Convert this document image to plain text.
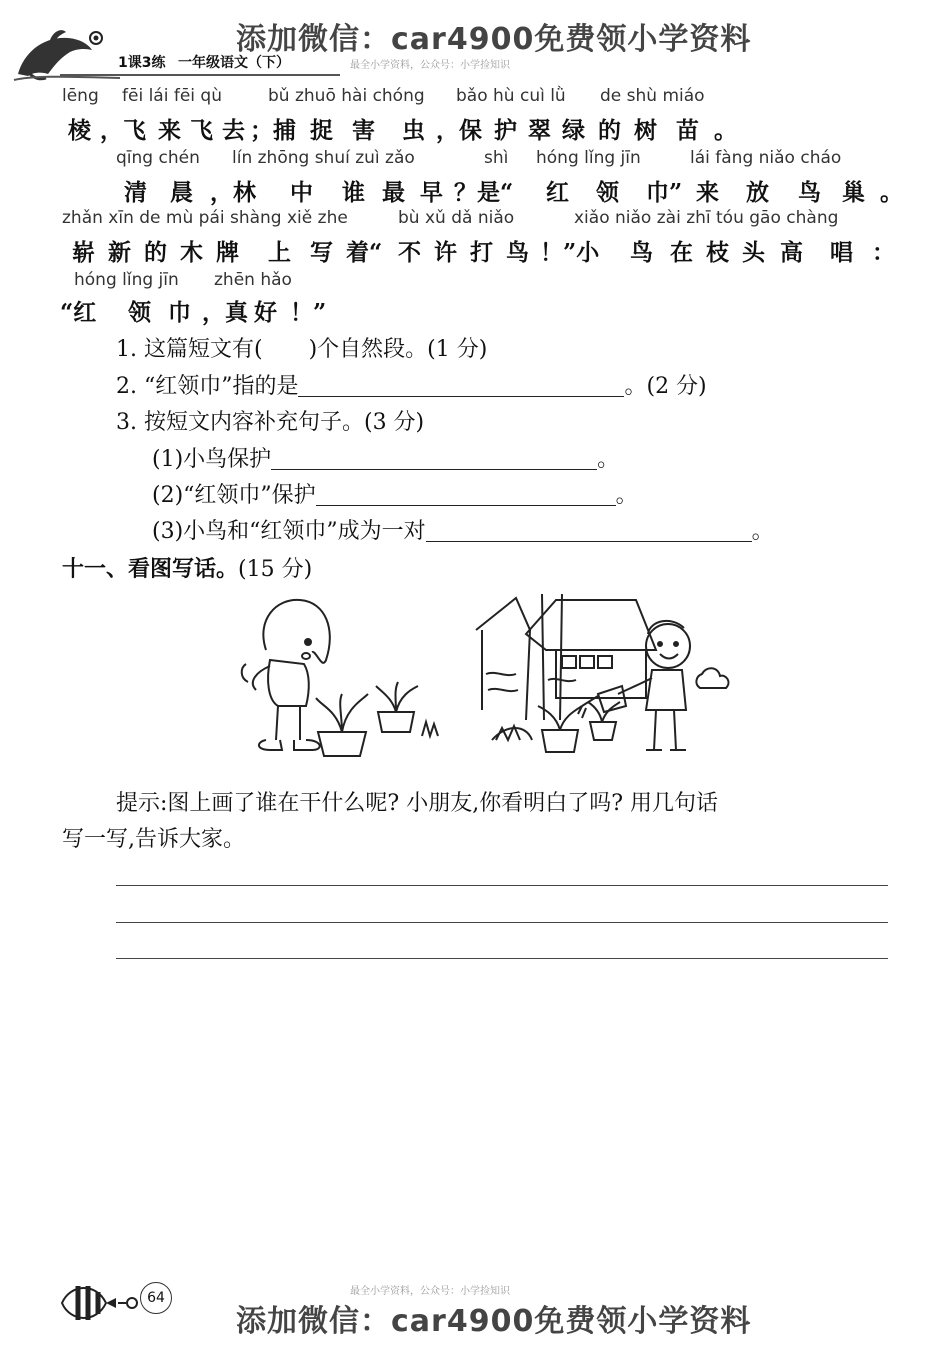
添加微信：car4900免费领小学资料
1课3练 一年级语文（下）	最全小学资料，公众号：小学捡知识
lēng fēi lái fēi qù	bǔ zhuō hài chóng bǎo hù cuì lǜ de shù miáo
棱 ，飞 来 飞 去 ；捕 捉 害 虫 ，保 护 翠 绿 的 树 苗 。
qīng chén lín zhōng shuí zuì zǎo	shì hóng lǐng jīn	lái fàng niǎo cháo
清 晨 ，林 中 谁 最 早 ？是“ 红 领 巾” 来 放 鸟 巢 。
zhǎn xīn de mù pái shàng xiě zhe	bù xǔ dǎ niǎo	xiǎo niǎo zài zhī tóu gāo chàng
崭 新 的 木 牌 上 写 着“ 不 许 打 鸟 ！”小 鸟 在 枝 头 高 唱 ：
hóng lǐng jīn zhēn hǎo
“红 领 巾 ，真 好 ！”
1. 这篇短文有( )个自然段。(1 分)
2. “红领巾”指的是	。(2 分)
3. 按短文内容补充句子。(3 分)
(1)小鸟保护	。
(2)“红领巾”保护	。
(3)小鸟和“红领巾”成为一对	。
十一、看图写话。(15 分)
提示:图上画了谁在干什么呢? 小朋友,你看明白了吗? 用几句话
写一写,告诉大家。
64	最全小学资料，公众号：小学捡知识
添加微信：car4900免费领小学资料
